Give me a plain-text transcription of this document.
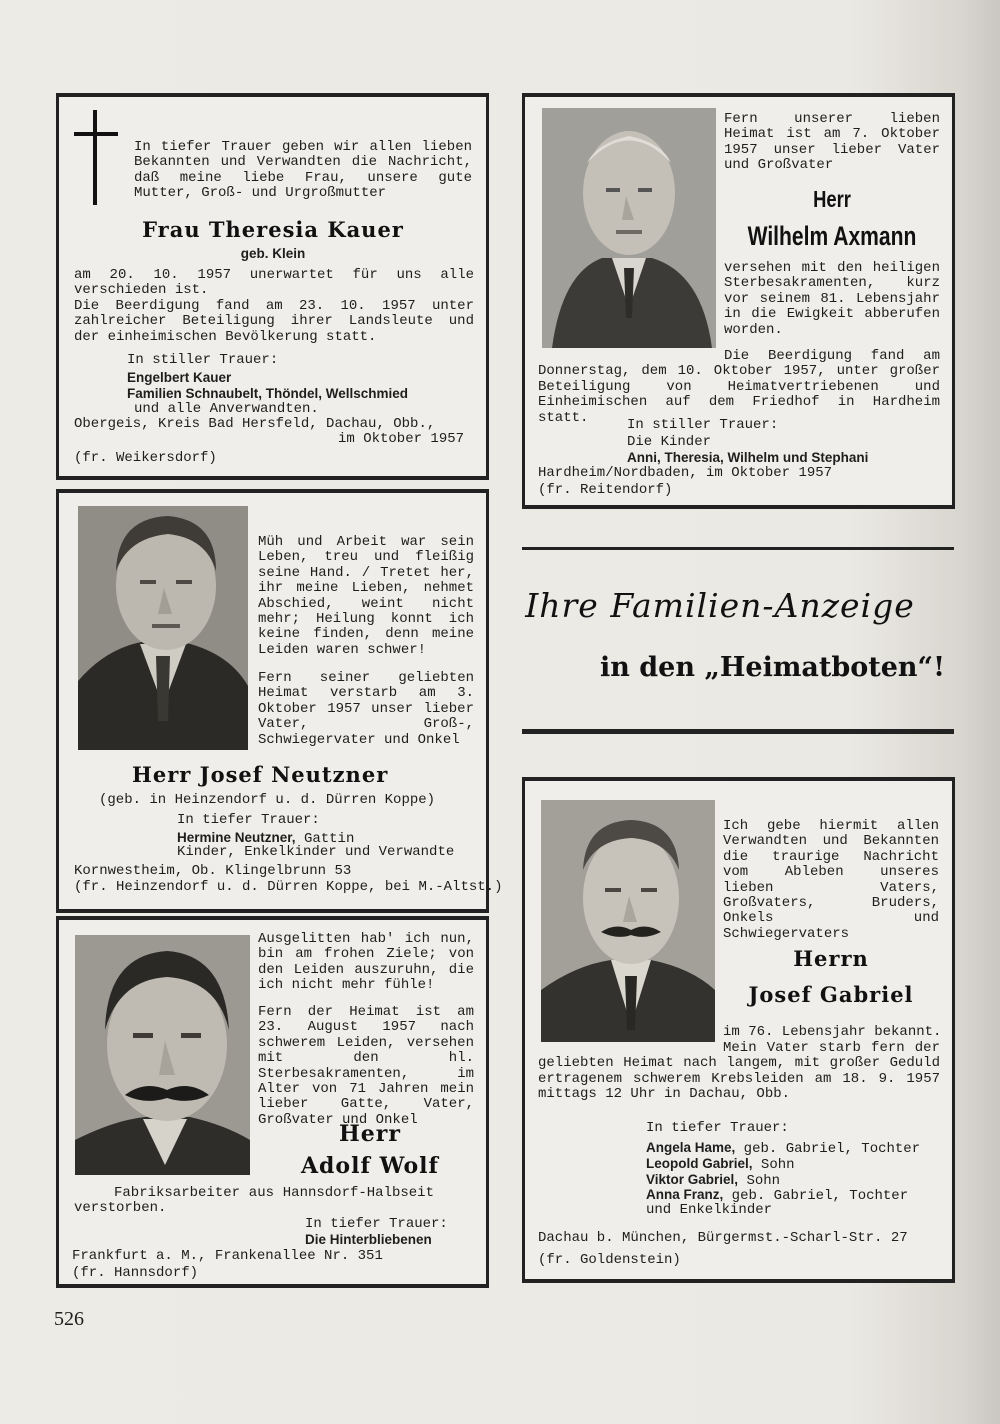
In tiefer Trauer geben wir allen lieben Bekannten und Verwandten die Nachricht, daß meine liebe Frau, unsere gute Mutter, Groß- und Urgroßmutter

Frau Theresia Kauer
geb. Klein

am 20. 10. 1957 unerwartet für uns alle verschieden ist.
Die Beerdigung fand am 23. 10. 1957 unter zahlreicher Beteiligung ihrer Landsleute und der einheimischen Bevölkerung statt.

In stiller Trauer:
Engelbert Kauer
Familien Schnaubelt, Thöndel, Wellschmied
und alle Anverwandten.
Obergeis, Kreis Bad Hersfeld, Dachau, Obb.,
im Oktober 1957
(fr. Weikersdorf)

Fern unserer lieben Heimat ist am 7. Oktober 1957 unser lieber Vater und Großvater

Herr
Wilhelm Axmann

versehen mit den heiligen Sterbesakramenten, kurz vor seinem 81. Lebensjahr in die Ewigkeit abberufen worden.

Die Beerdigung fand am Donnerstag, dem 10. Oktober 1957, unter großer Beteiligung von Heimatvertriebenen und Einheimischen auf dem Friedhof in Hardheim statt.	In stiller Trauer:
Die Kinder
Anni, Theresia, Wilhelm und Stephani
Hardheim/Nordbaden, im Oktober 1957
(fr. Reitendorf)

Müh und Arbeit war sein Leben, treu und fleißig seine Hand. / Tretet her, ihr meine Lieben, nehmet Abschied, weint nicht mehr; Heilung konnt ich keine finden, denn meine Leiden waren schwer!

Fern seiner geliebten Heimat verstarb am 3. Oktober 1957 unser lieber Vater, Groß-, Schwiegervater und Onkel

Herr Josef Neutzner
(geb. in Heinzendorf u. d. Dürren Koppe)
In tiefer Trauer:
Hermine Neutzner, Gattin
Kinder, Enkelkinder und Verwandte
Kornwestheim, Ob. Klingelbrunn 53
(fr. Heinzendorf u. d. Dürren Koppe, bei M.-Altst.)
Ihre Familien-Anzeige
in den „Heimatboten“!

Ausgelitten hab' ich nun, bin am frohen Ziele; von den Leiden auszuruhn, die ich nicht mehr fühle!

Fern der Heimat ist am 23. August 1957 nach schwerem Leiden, versehen mit den hl. Sterbesakramenten, im Alter von 71 Jahren mein lieber Gatte, Vater, Großvater und Onkel

Herr
Adolf Wolf

Fabriksarbeiter aus Hannsdorf-Halbseit verstorben.

In tiefer Trauer:
Die Hinterbliebenen
Frankfurt a. M., Frankenallee Nr. 351
(fr. Hannsdorf)

Ich gebe hiermit allen Verwandten und Bekannten die traurige Nachricht vom Ableben unseres lieben Vaters, Großvaters, Bruders, Onkels und Schwiegervaters

Herrn
Josef Gabriel
im 76. Lebensjahr bekannt.

Mein Vater starb fern der geliebten Heimat nach langem, mit großer Geduld ertragenem schwerem Krebsleiden am 18. 9. 1957 mittags 12 Uhr in Dachau, Obb.

In tiefer Trauer:
Angela Hame, geb. Gabriel, Tochter
Leopold Gabriel, Sohn
Viktor Gabriel, Sohn
Anna Franz, geb. Gabriel, Tochter
und Enkelkinder
Dachau b. München, Bürgermst.-Scharl-Str. 27
(fr. Goldenstein)
526
